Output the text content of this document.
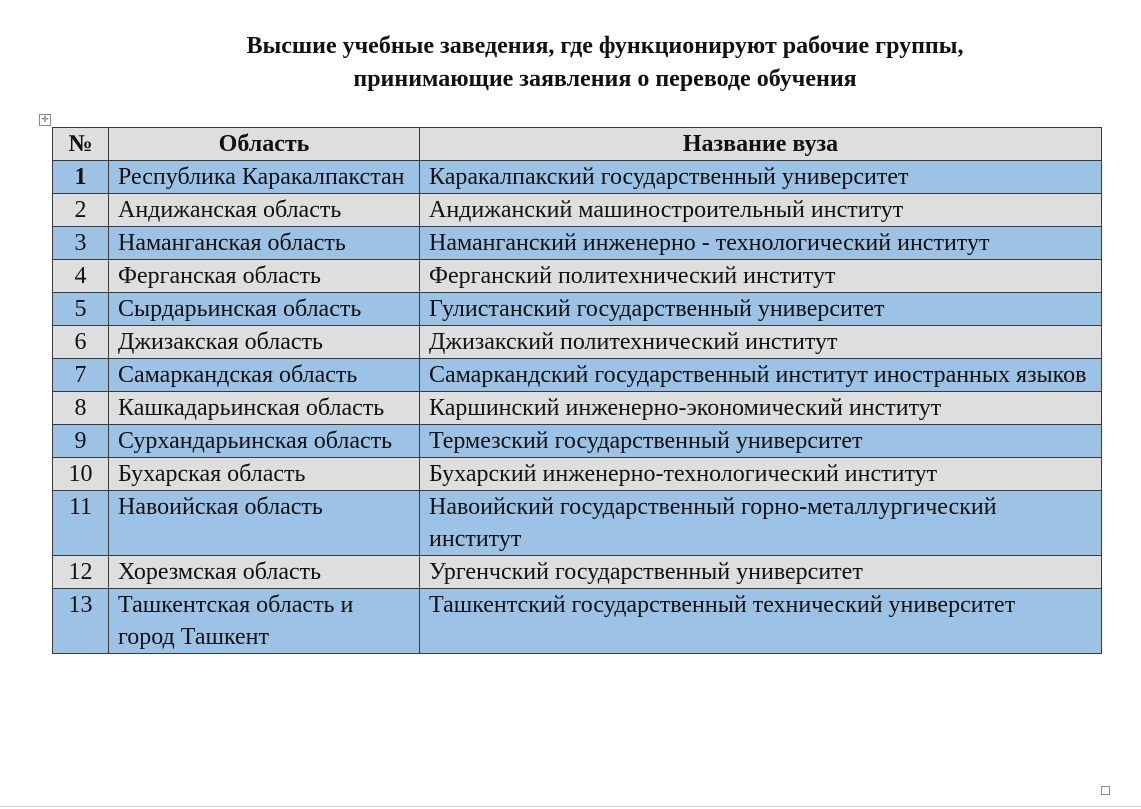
Высшие учебные заведения, где функционируют рабочие группы,
принимающие заявления о переводе обучения
✛
№	Область	Название вуза
1	Республика Каракалпакстан	Каракалпакский государственный университет
2	Андижанская область	Андижанский машиностроительный институт
3	Наманганская область	Наманганский инженерно - технологический институт
4	Ферганская область	Ферганский политехнический институт
5	Сырдарьинская область	Гулистанский государственный университет
6	Джизакская область	Джизакский политехнический институт
7	Самаркандская область	Самаркандский государственный институт иностранных языков
8	Кашкадарьинская область	Каршинский инженерно-экономический институт
9	Сурхандарьинская область	Термезский государственный университет
10	Бухарская область	Бухарский инженерно-технологический институт
11	Навоийская область	Навоийский государственный горно-металлургический институт
12	Хорезмская область	Ургенчский государственный университет
13	Ташкентская область и город Ташкент	Ташкентский государственный технический университет
